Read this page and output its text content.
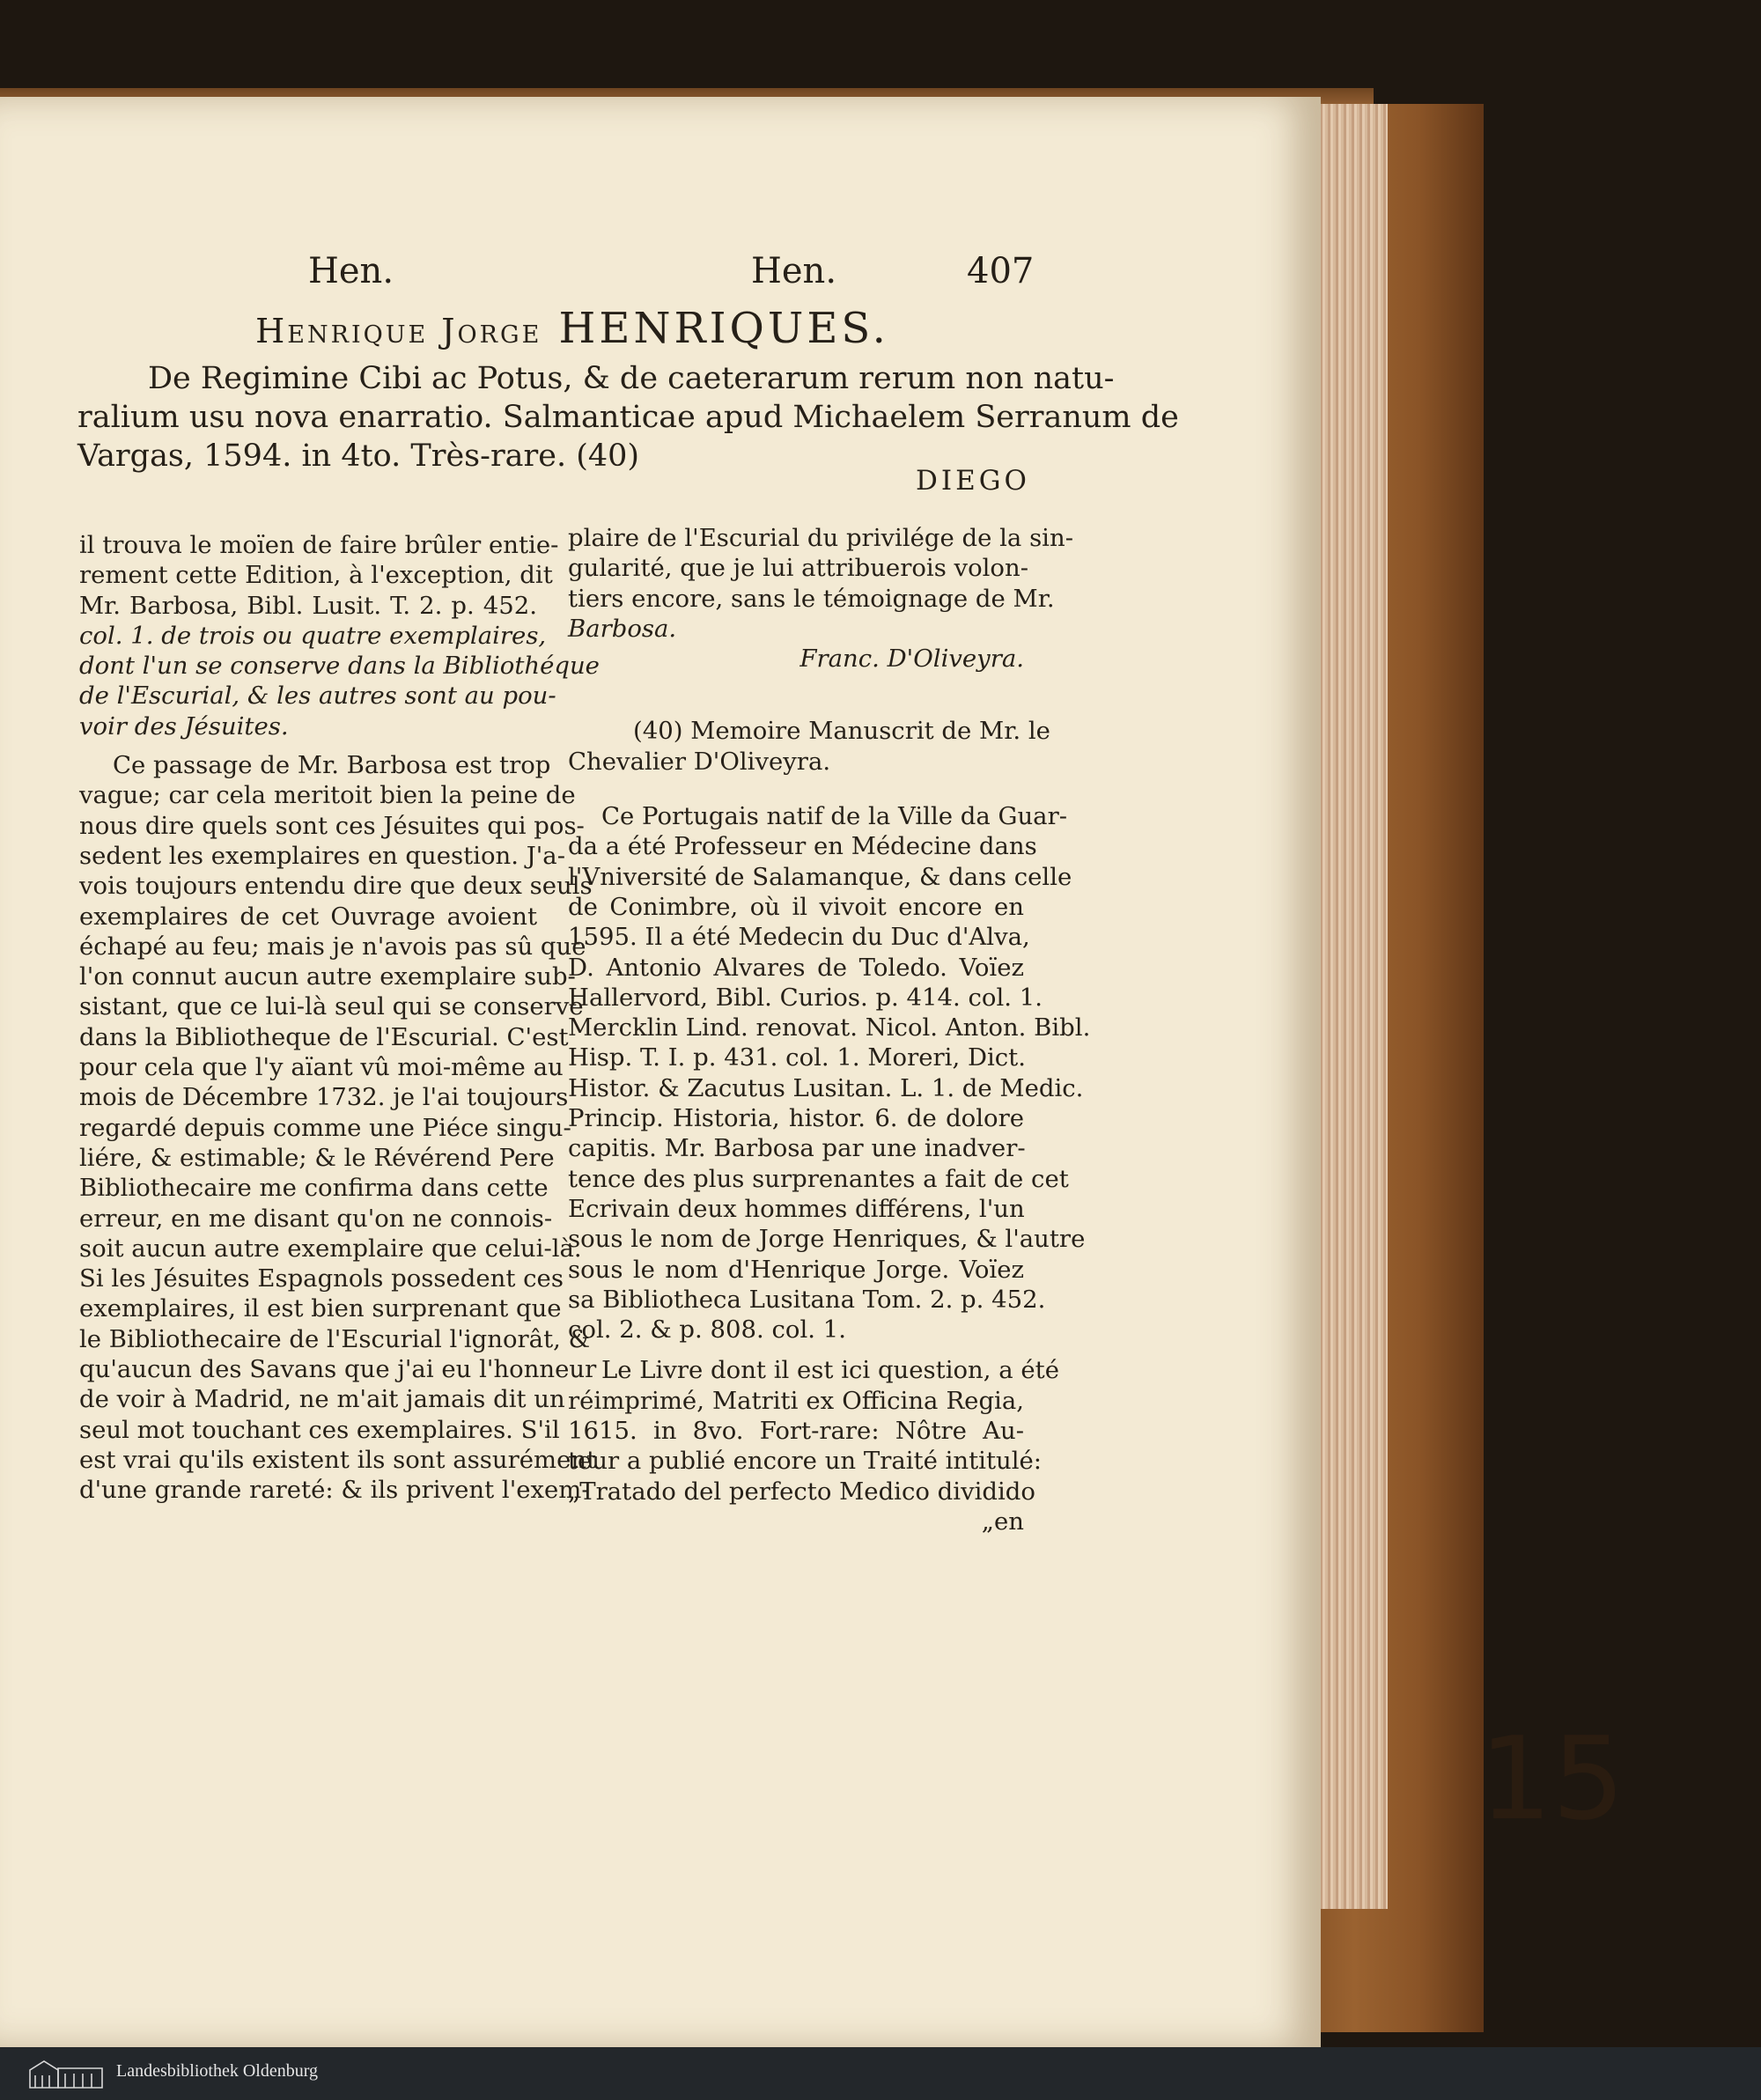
15
Hen.	Hen.	407
Henrique Jorge HENRIQUES.
De Regimine Cibi ac Potus, & de caeterarum rerum non natu-
ralium usu nova enarratio. Salmanticae apud Michaelem Serranum de
Vargas, 1594. in 4to. Très-rare. (40)
DIEGO
il trouva le moïen de faire brûler entie-
rement cette Edition, à l'exception, dit
Mr. Barbosa, Bibl. Lusit. T. 2. p. 452.
col. 1. de trois ou quatre exemplaires,
dont l'un se conserve dans la Bibliothéque
de l'Escurial, & les autres sont au pou-
voir des Jésuites.
Ce passage de Mr. Barbosa est trop
vague; car cela meritoit bien la peine de
nous dire quels sont ces Jésuites qui pos-
sedent les exemplaires en question. J'a-
vois toujours entendu dire que deux seuls
exemplaires de cet Ouvrage avoient
échapé au feu; mais je n'avois pas sû que
l'on connut aucun autre exemplaire sub-
sistant, que ce lui-là seul qui se conserve
dans la Bibliotheque de l'Escurial. C'est
pour cela que l'y aïant vû moi-même au
mois de Décembre 1732. je l'ai toujours
regardé depuis comme une Piéce singu-
liére, & estimable; & le Révérend Pere
Bibliothecaire me confirma dans cette
erreur, en me disant qu'on ne connois-
soit aucun autre exemplaire que celui-là.
Si les Jésuites Espagnols possedent ces
exemplaires, il est bien surprenant que
le Bibliothecaire de l'Escurial l'ignorât, &
qu'aucun des Savans que j'ai eu l'honneur
de voir à Madrid, ne m'ait jamais dit un
seul mot touchant ces exemplaires. S'il
est vrai qu'ils existent ils sont assurément
d'une grande rareté: & ils privent l'exem-
plaire de l'Escurial du privilége de la sin-
gularité, que je lui attribuerois volon-
tiers encore, sans le témoignage de Mr.
Barbosa.
Franc. D'Oliveyra.
(40) Memoire Manuscrit de Mr. le
Chevalier D'Oliveyra.
Ce Portugais natif de la Ville da Guar-
da a été Professeur en Médecine dans
l'Vniversité de Salamanque, & dans celle
de Conimbre, où il vivoit encore en
1595. Il a été Medecin du Duc d'Alva,
D. Antonio Alvares de Toledo. Voïez
Hallervord, Bibl. Curios. p. 414. col. 1.
Mercklin Lind. renovat. Nicol. Anton. Bibl.
Hisp. T. I. p. 431. col. 1. Moreri, Dict.
Histor. & Zacutus Lusitan. L. 1. de Medic.
Princip. Historia, histor. 6. de dolore
capitis. Mr. Barbosa par une inadver-
tence des plus surprenantes a fait de cet
Ecrivain deux hommes différens, l'un
sous le nom de Jorge Henriques, & l'autre
sous le nom d'Henrique Jorge. Voïez
sa Bibliotheca Lusitana Tom. 2. p. 452.
col. 2. & p. 808. col. 1.
Le Livre dont il est ici question, a été
réimprimé, Matriti ex Officina Regia,
1615. in 8vo. Fort-rare: Nôtre Au-
teur a publié encore un Traité intitulé:
„Tratado del perfecto Medico dividido
„en
Landesbibliothek Oldenburg
